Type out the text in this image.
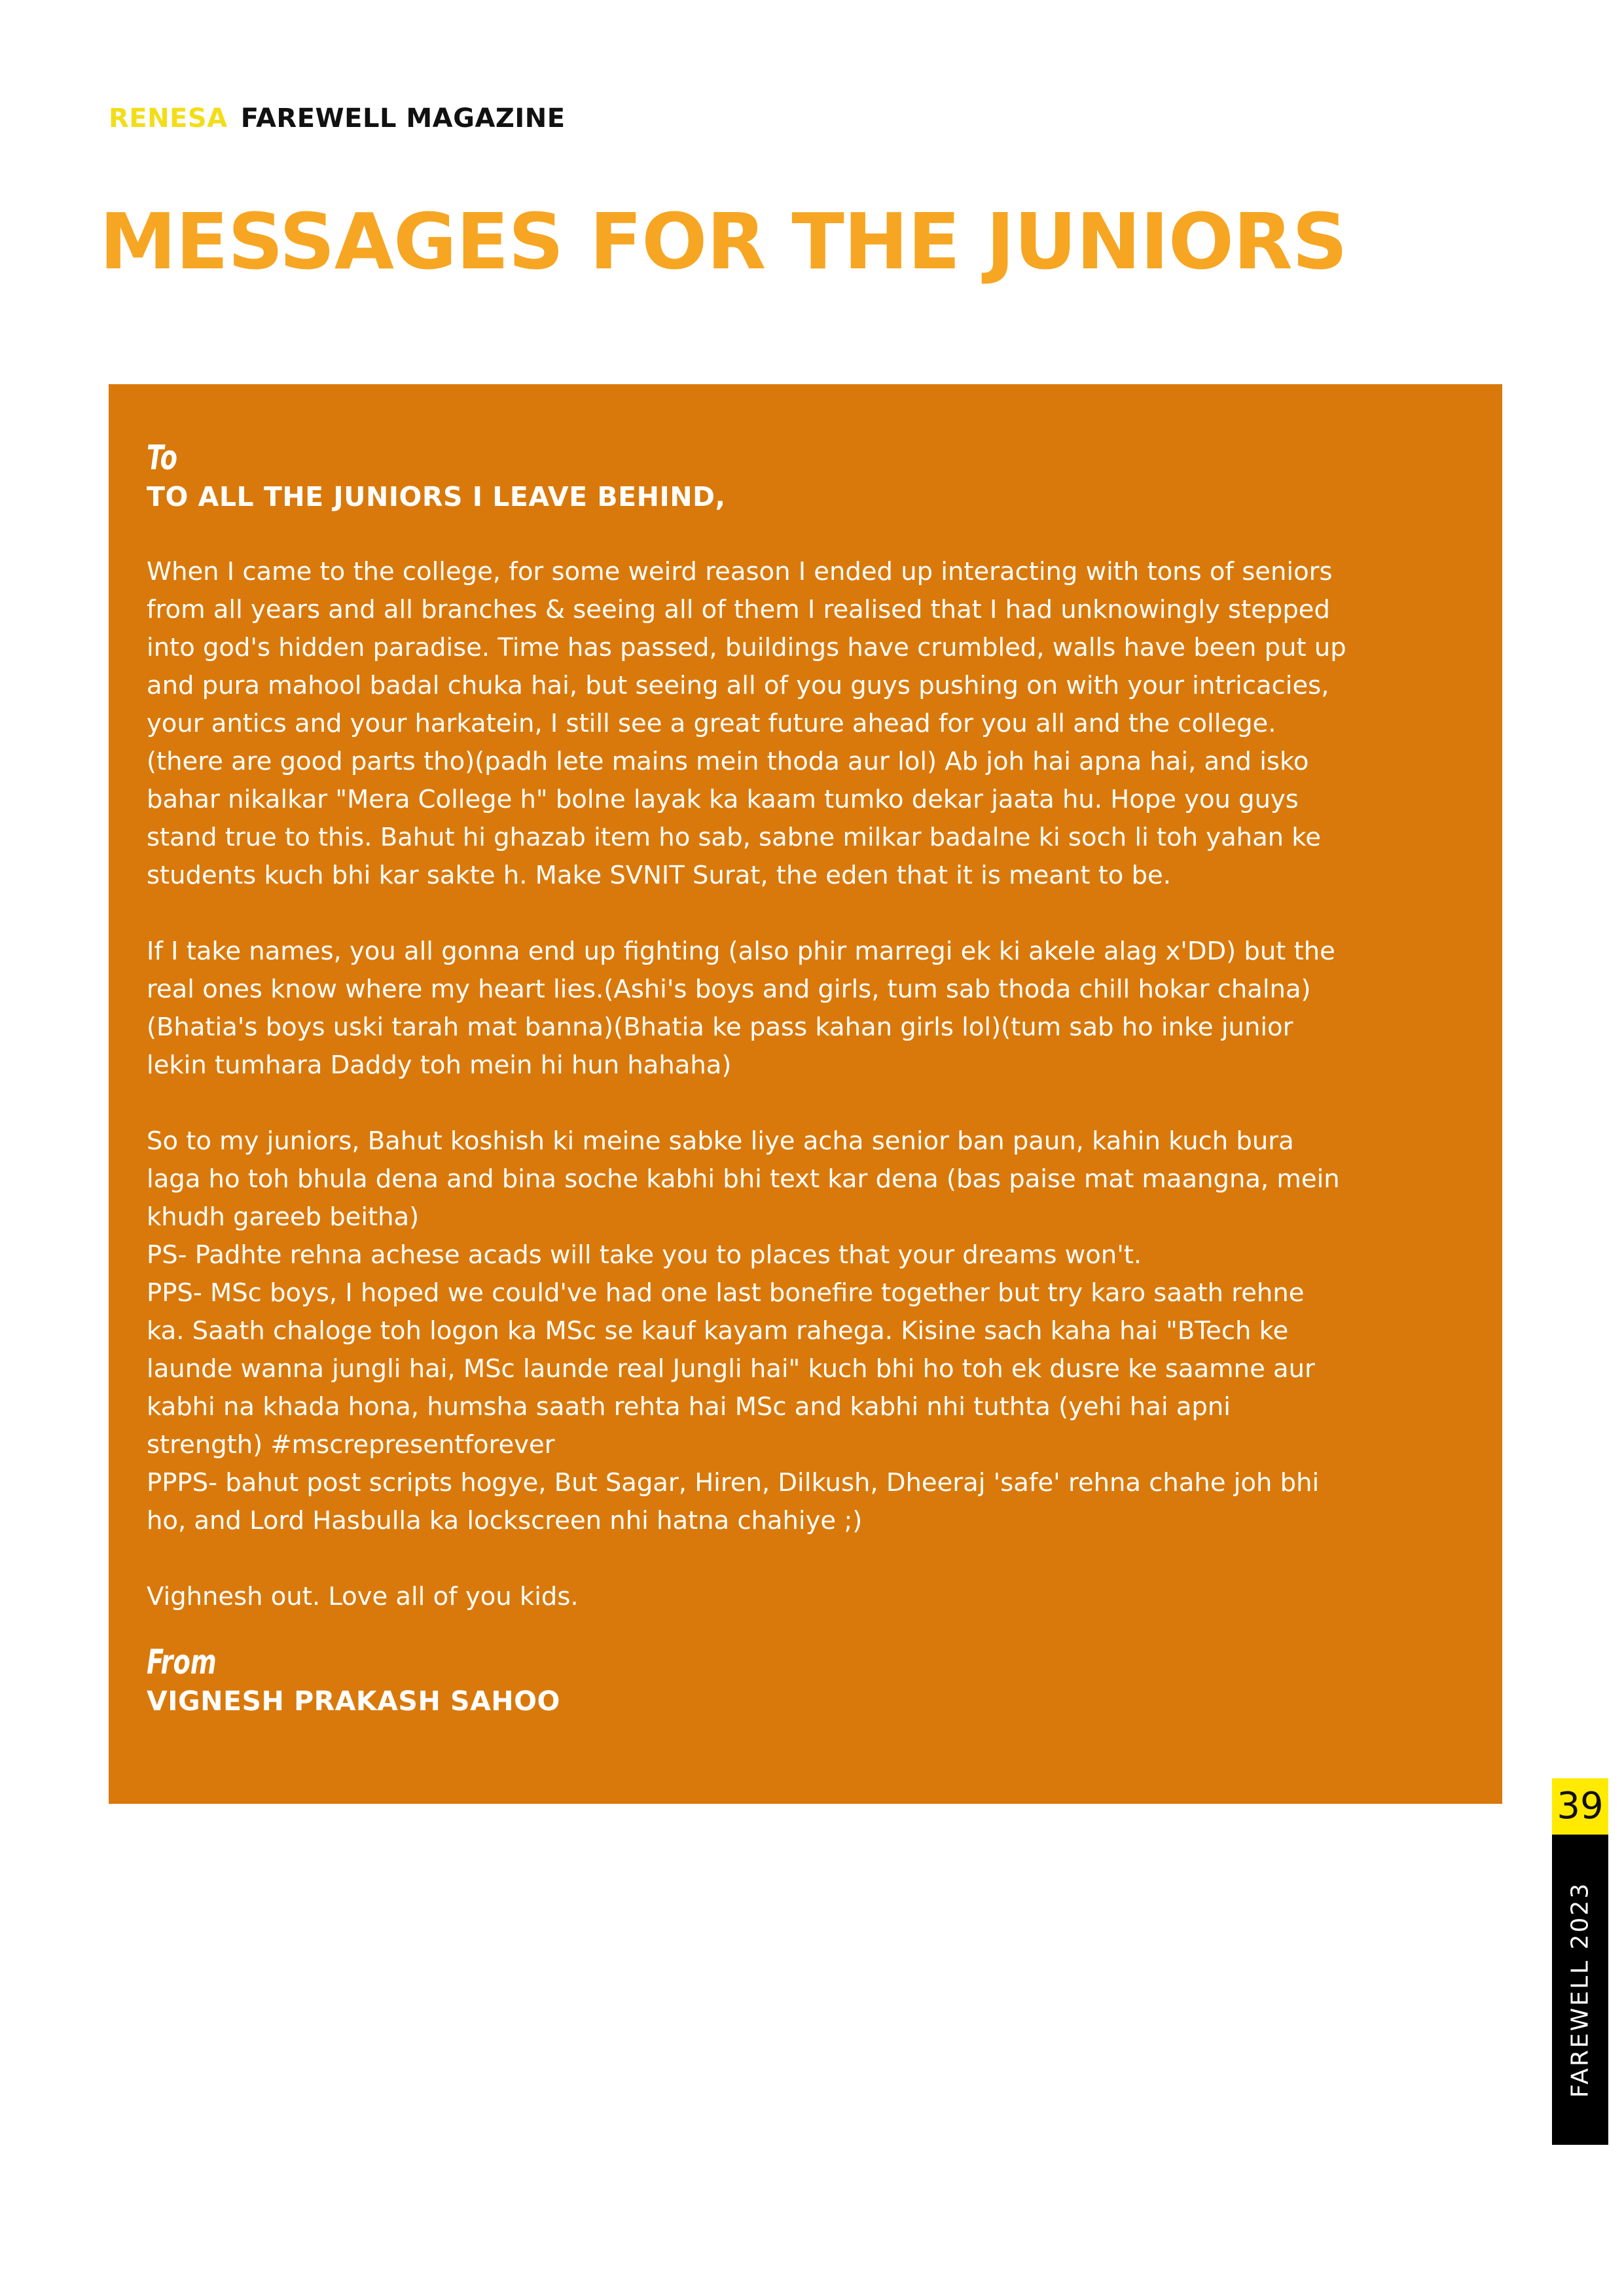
RENESA FAREWELL MAGAZINE
MESSAGES FOR THE JUNIORS
To
TO ALL THE JUNIORS I LEAVE BEHIND,

When I came to the college, for some weird reason I ended up interacting with tons of seniors
from all years and all branches & seeing all of them I realised that I had unknowingly stepped
into god's hidden paradise. Time has passed, buildings have crumbled, walls have been put up
and pura mahool badal chuka hai, but seeing all of you guys pushing on with your intricacies,
your antics and your harkatein, I still see a great future ahead for you all and the college.
(there are good parts tho)(padh lete mains mein thoda aur lol) Ab joh hai apna hai, and isko
bahar nikalkar "Mera College h" bolne layak ka kaam tumko dekar jaata hu. Hope you guys
stand true to this. Bahut hi ghazab item ho sab, sabne milkar badalne ki soch li toh yahan ke
students kuch bhi kar sakte h. Make SVNIT Surat, the eden that it is meant to be.

If I take names, you all gonna end up fighting (also phir marregi ek ki akele alag x'DD) but the
real ones know where my heart lies.(Ashi's boys and girls, tum sab thoda chill hokar chalna)
(Bhatia's boys uski tarah mat banna)(Bhatia ke pass kahan girls lol)(tum sab ho inke junior
lekin tumhara Daddy toh mein hi hun hahaha)

So to my juniors, Bahut koshish ki meine sabke liye acha senior ban paun, kahin kuch bura
laga ho toh bhula dena and bina soche kabhi bhi text kar dena (bas paise mat maangna, mein
khudh gareeb beitha)
PS- Padhte rehna achese acads will take you to places that your dreams won't.
PPS- MSc boys, I hoped we could've had one last bonefire together but try karo saath rehne
ka. Saath chaloge toh logon ka MSc se kauf kayam rahega. Kisine sach kaha hai "BTech ke
launde wanna jungli hai, MSc launde real Jungli hai" kuch bhi ho toh ek dusre ke saamne aur
kabhi na khada hona, humsha saath rehta hai MSc and kabhi nhi tuthta (yehi hai apni
strength) #mscrepresentforever
PPPS- bahut post scripts hogye, But Sagar, Hiren, Dilkush, Dheeraj 'safe' rehna chahe joh bhi
ho, and Lord Hasbulla ka lockscreen nhi hatna chahiye ;)

Vighnesh out. Love all of you kids.

From
VIGNESH PRAKASH SAHOO
39
FAREWELL 2023
